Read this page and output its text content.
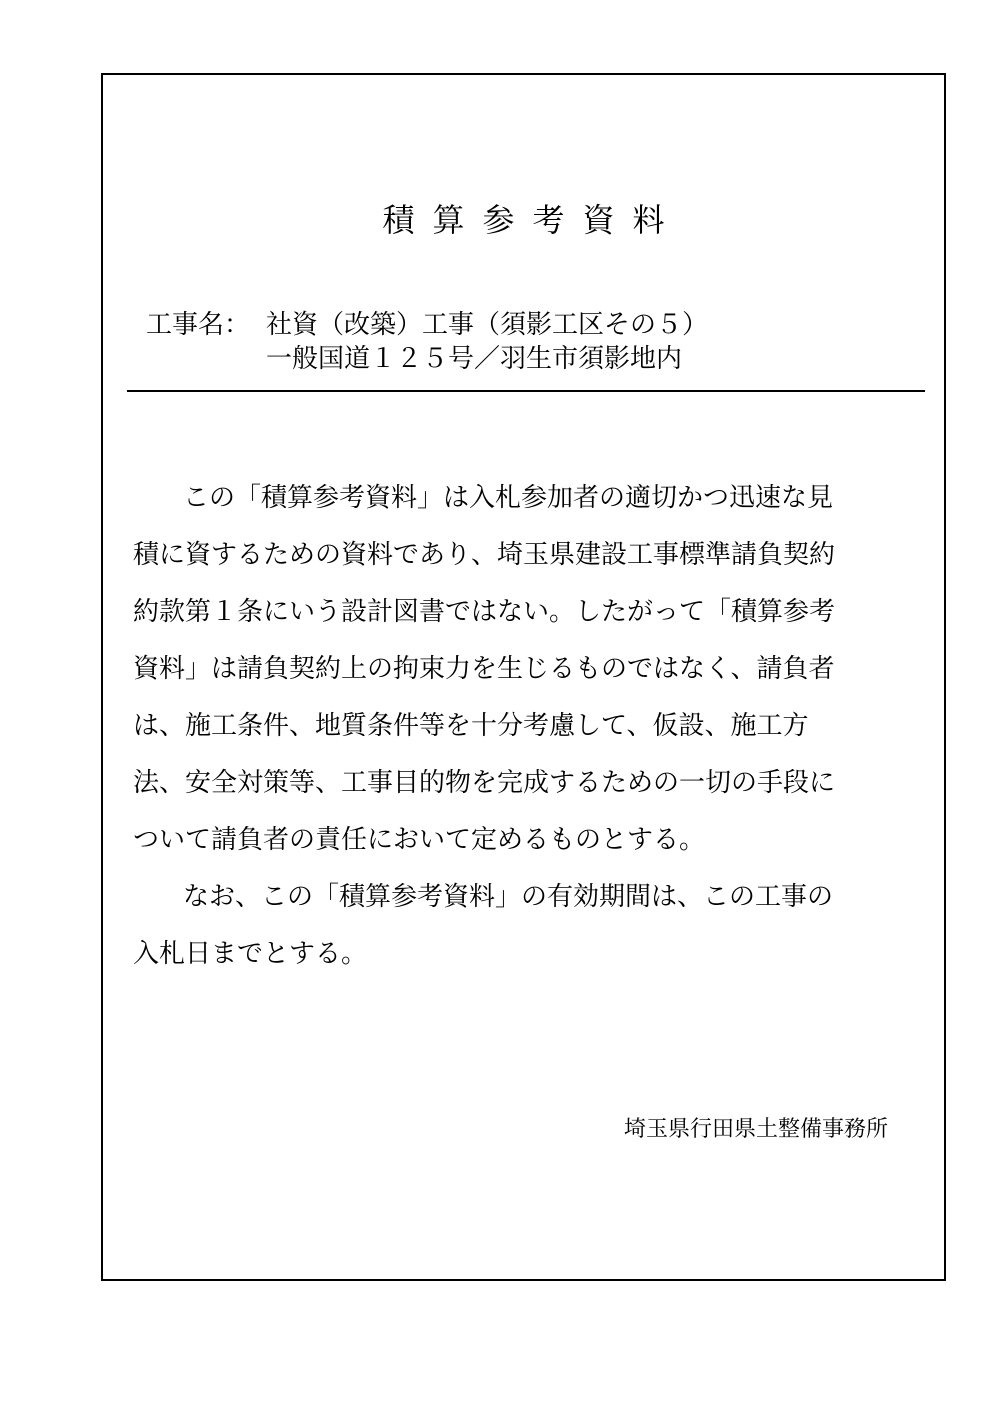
積算参考資料
工事名： 社資（改築）工事（須影工区その５）
一般国道１２５号／羽生市須影地内
この「積算参考資料」は入札参加者の適切かつ迅速な見
積に資するための資料であり、埼玉県建設工事標準請負契約
約款第１条にいう設計図書ではない。したがって「積算参考
資料」は請負契約上の拘束力を生じるものではなく、請負者
は、施工条件、地質条件等を十分考慮して、仮設、施工方
法、安全対策等、工事目的物を完成するための一切の手段に
ついて請負者の責任において定めるものとする。
なお、この「積算参考資料」の有効期間は、この工事の
入札日までとする。
埼玉県行田県土整備事務所
